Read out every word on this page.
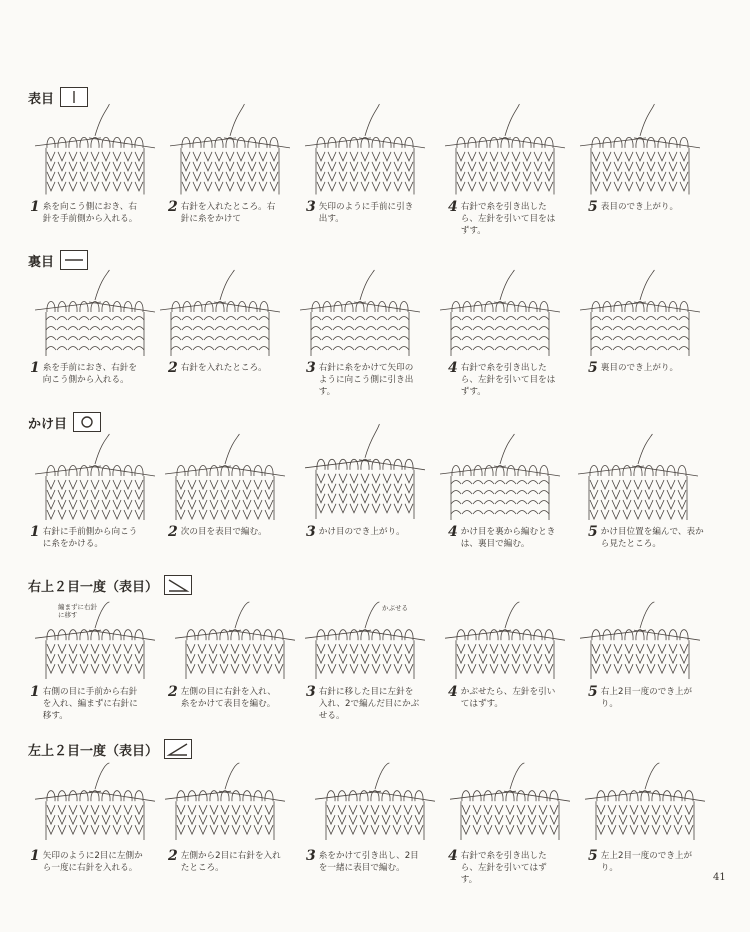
表目
1 糸を向こう側におき、右針を手前側から入れる。
2 右針を入れたところ。右針に糸をかけて
3 矢印のように手前に引き出す。
4 右針で糸を引き出したら、左針を引いて目をはずす。
5 表目のでき上がり。
裏目
1 糸を手前におき、右針を向こう側から入れる。
2 右針を入れたところ。	3 右針に糸をかけて矢印のように向こう側に引き出す。
4 右針で糸を引き出したら、左針を引いて目をはずす。
5 裏目のでき上がり。
かけ目
1 右針に手前側から向こうに糸をかける。
2 次の目を表目で編む。	3 かけ目のでき上がり。	4 かけ目を裏から編むときは、裏目で編む。
5 かけ目位置を編んで、表から見たところ。
右上２目一度（表目）
編まずに右針に移す
かぶせる
1 右側の目に手前から右針を入れ、編まずに右針に移す。
2 左側の目に右針を入れ、糸をかけて表目を編む。
3 右針に移した目に左針を入れ、2で編んだ目にかぶせる。
4 かぶせたら、左針を引いてはずす。
5 右上2目一度のでき上がり。
左上２目一度（表目）
1 矢印のように2目に左側から一度に右針を入れる。
2 左側から2目に右針を入れたところ。
3 糸をかけて引き出し、2目を一緒に表目で編む。
4 右針で糸を引き出したら、左針を引いてはずす。
5 左上2目一度のでき上がり。
41
